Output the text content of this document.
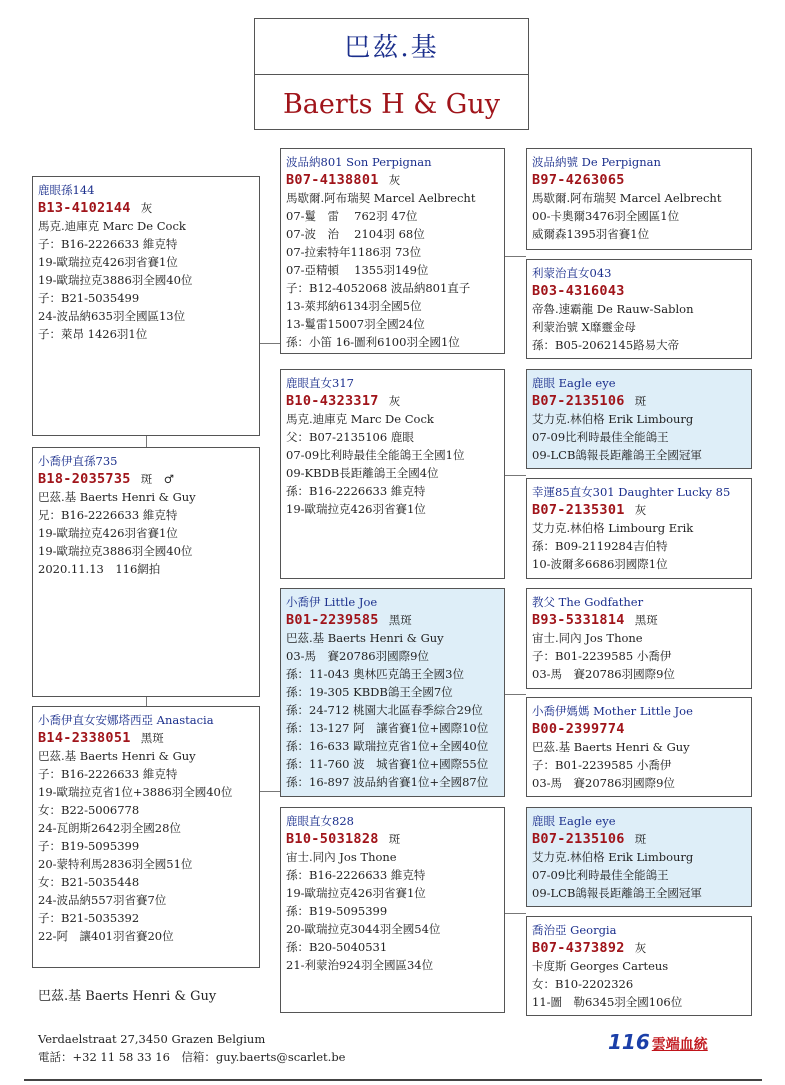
巴茲.基
Baerts H & Guy
小喬伊直孫735
B18-2035735 斑　♂
巴茲.基 Baerts Henri & Guy
兄：B16-2226633 維克特
19-歐瑞拉克426羽省賽1位
19-歐瑞拉克3886羽全國40位
2020.11.13　116網拍
鹿眼孫144
B13-4102144 灰
馬克.迪庫克 Marc De Cock
子：B16-2226633 維克特
19-歐瑞拉克426羽省賽1位
19-歐瑞拉克3886羽全國40位
子：B21-5035499
24-波品納635羽全國區13位
子：萊昂 1426羽1位
小喬伊直女安娜塔西亞 Anastacia
B14-2338051 黑斑
巴茲.基 Baerts Henri & Guy
子：B16-2226633 維克特
19-歐瑞拉克省1位+3886羽全國40位
女：B22-5006778
24-瓦朗斯2642羽全國28位
子：B19-5095399
20-蒙特利馬2836羽全國51位
女：B21-5035448
24-波品納557羽省賽7位
子：B21-5035392
22-阿　讓401羽省賽20位
波品納801 Son Perpignan
B07-4138801 灰
馬歇爾.阿布瑞契 Marcel Aelbrecht
07-鬘　雷　 762羽 47位
07-波　治　 2104羽 68位
07-拉索特年1186羽 73位
07-亞精頓　 1355羽149位
子：B12-4052068 波品納801直子
13-萊邦納6134羽全國5位
13-鬘雷15007羽全國24位
孫：小笛 16-圖利6100羽全國1位
鹿眼直女317
B10-4323317 灰
馬克.迪庫克 Marc De Cock
父：B07-2135106 鹿眼
07-09比利時最佳全能鴿王全國1位
09-KBDB長距離鴿王全國4位
孫：B16-2226633 維克特
19-歐瑞拉克426羽省賽1位
小喬伊 Little Joe
B01-2239585 黑斑
巴茲.基 Baerts Henri & Guy
03-馬　賽20786羽國際9位
孫：11-043 奧林匹克鴿王全國3位
孫：19-305 KBDB鴿王全國7位
孫：24-712 桃園大北區春季綜合29位
孫：13-127 阿　讓省賽1位+國際10位
孫：16-633 歐瑞拉克省1位+全國40位
孫：11-760 波　城省賽1位+國際55位
孫：16-897 波品納省賽1位+全國87位
鹿眼直女828
B10-5031828 斑
宙士.同內 Jos Thone
孫：B16-2226633 維克特
19-歐瑞拉克426羽省賽1位
孫：B19-5095399
20-歐瑞拉克3044羽全國54位
孫：B20-5040531
21-利蒙治924羽全國區34位
波品納號 De Perpignan
B97-4263065
馬歇爾.阿布瑞契 Marcel Aelbrecht
00-卡奧爾3476羽全國區1位
威爾森1395羽省賽1位
利蒙治直女043
B03-4316043
帝魯.速霸龍 De Rauw-Sablon
利蒙治號 X靡靈金母
孫：B05-2062145路易大帝
鹿眼 Eagle eye
B07-2135106 斑
艾力克.林伯格 Erik Limbourg
07-09比利時最佳全能鴿王
09-LCB鴿報長距離鴿王全國冠軍
幸運85直女301 Daughter Lucky 85
B07-2135301 灰
艾力克.林伯格 Limbourg Erik
孫：B09-2119284吉伯特
10-波爾多6686羽國際1位
教父 The Godfather
B93-5331814 黑斑
宙士.同內 Jos Thone
子：B01-2239585 小喬伊
03-馬　賽20786羽國際9位
小喬伊媽媽 Mother Little Joe
B00-2399774
巴茲.基 Baerts Henri & Guy
子：B01-2239585 小喬伊
03-馬　賽20786羽國際9位
鹿眼 Eagle eye
B07-2135106 斑
艾力克.林伯格 Erik Limbourg
07-09比利時最佳全能鴿王
09-LCB鴿報長距離鴿王全國冠軍
喬治亞 Georgia
B07-4373892 灰
卡度斯 Georges Carteus
女：B10-2202326
11-圖　勒6345羽全國106位
巴茲.基 Baerts Henri & Guy
Verdaelstraat 27,3450 Grazen Belgium
電話：+32 11 58 33 16　信箱：guy.baerts@scarlet.be
116 雲端血統
